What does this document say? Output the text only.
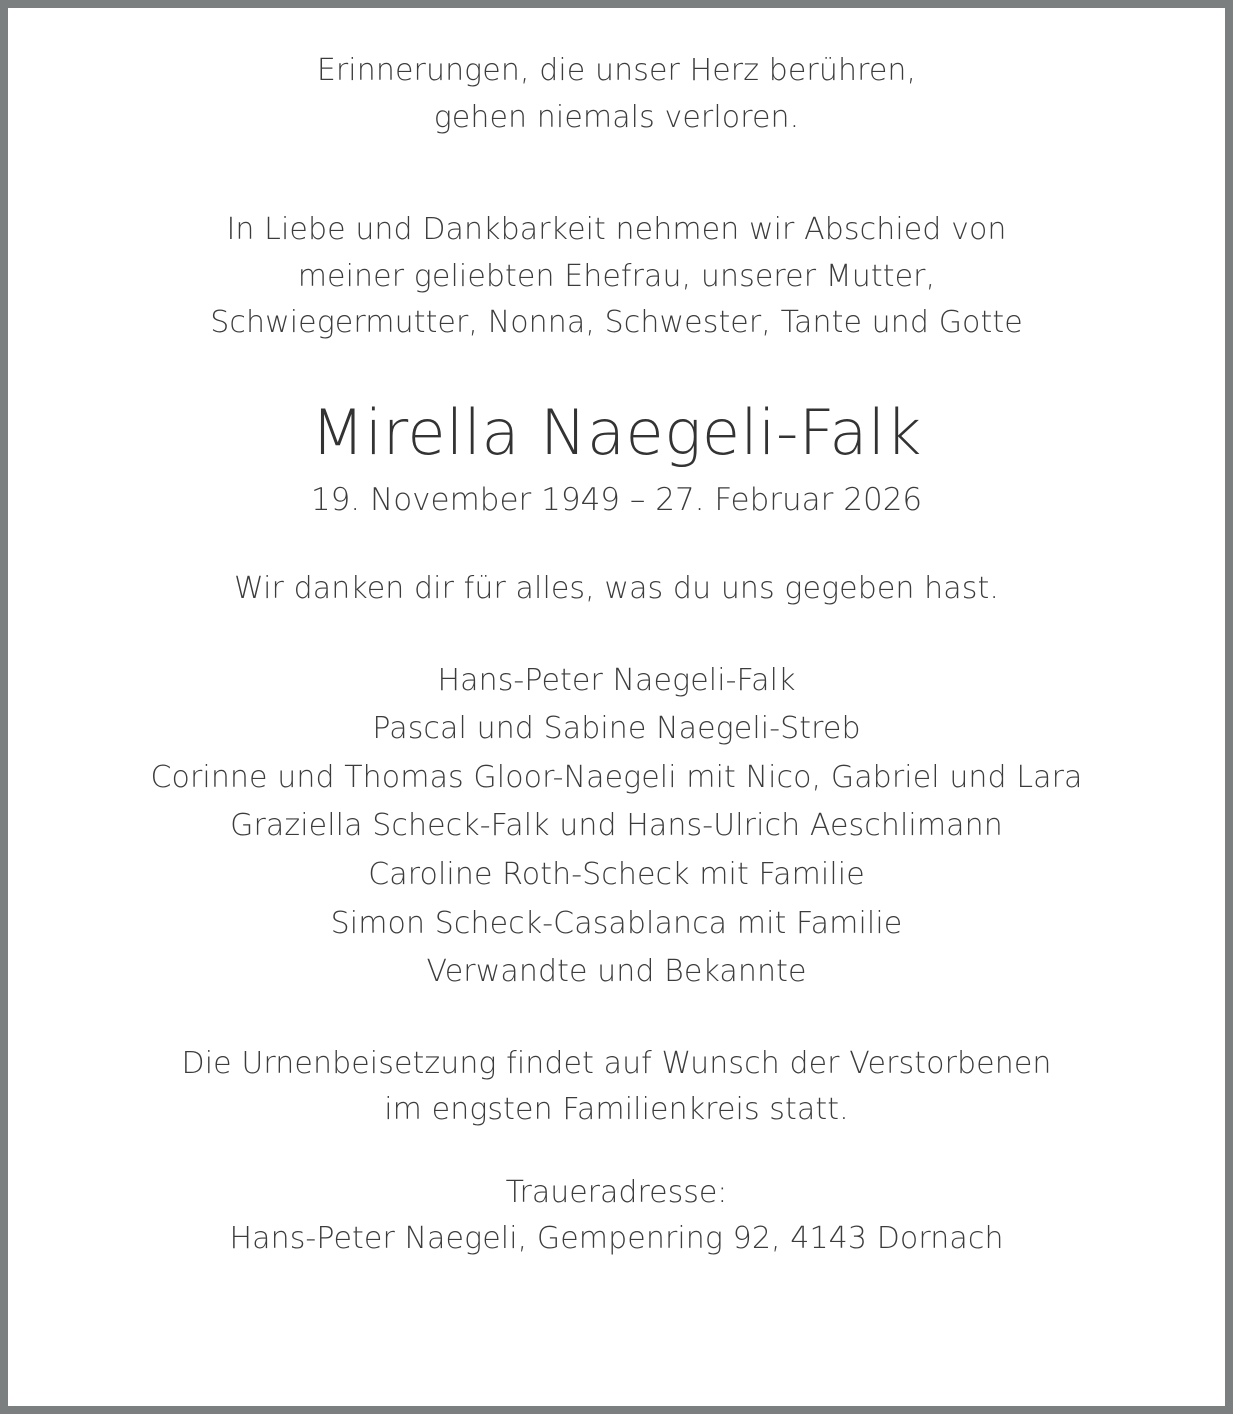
Erinnerungen, die unser Herz berühren,
gehen niemals verloren.
In Liebe und Dankbarkeit nehmen wir Abschied von
meiner geliebten Ehefrau, unserer Mutter,
Schwiegermutter, Nonna, Schwester, Tante und Gotte
Mirella Naegeli-Falk
19. November 1949 – 27. Februar 2026
Wir danken dir für alles, was du uns gegeben hast.
Hans-Peter Naegeli-Falk
Pascal und Sabine Naegeli-Streb
Corinne und Thomas Gloor-Naegeli mit Nico, Gabriel und Lara
Graziella Scheck-Falk und Hans-Ulrich Aeschlimann
Caroline Roth-Scheck mit Familie
Simon Scheck-Casablanca mit Familie
Verwandte und Bekannte
Die Urnenbeisetzung findet auf Wunsch der Verstorbenen
im engsten Familienkreis statt.
Traueradresse:
Hans-Peter Naegeli, Gempenring 92, 4143 Dornach
